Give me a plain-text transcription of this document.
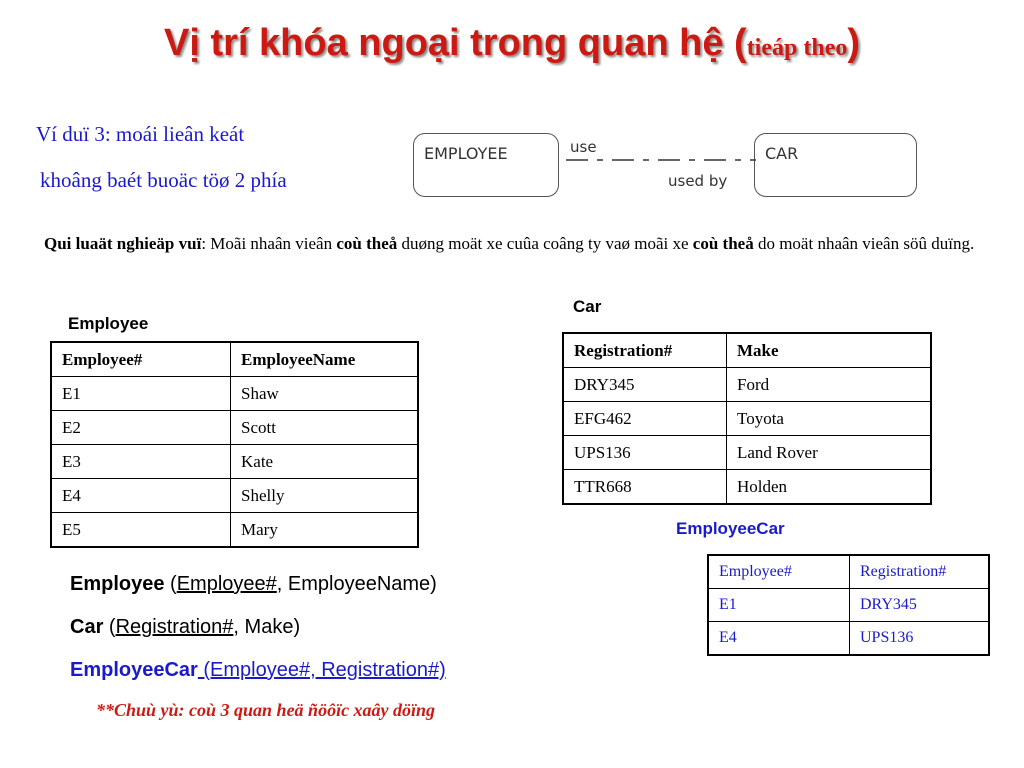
Vị trí khóa ngoại trong quan hệ (tieáp theo)
Ví duï 3: moái lieân keát
khoâng baét buoäc töø 2 phía
EMPLOYEE	CAR
use
used by
Qui luaät nghieäp vuï: Moãi nhaân vieân coù theå duøng moät xe cuûa coâng ty vaø moãi xe coù theå do moät nhaân vieân söû duïng.
Employee
Employee#	EmployeeName
E1	Shaw
E2	Scott
E3	Kate
E4	Shelly
E5	Mary
Car
Registration#	Make
DRY345	Ford
EFG462	Toyota
UPS136	Land Rover
TTR668	Holden
EmployeeCar
Employee#	Registration#
E1	DRY345
E4	UPS136
Employee (Employee#, EmployeeName)
Car (Registration#, Make)
EmployeeCar (Employee#, Registration#)
**Chuù yù: coù 3 quan heä ñöôïc xaây döïng
